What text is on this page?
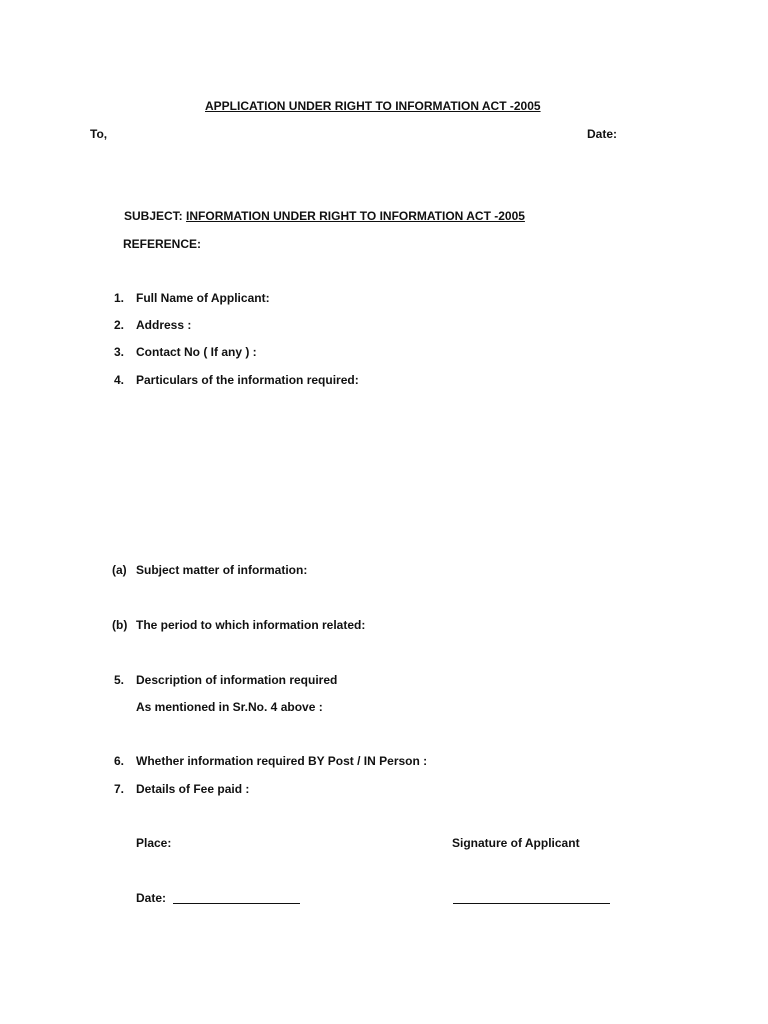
APPLICATION UNDER RIGHT TO INFORMATION ACT -2005
To,	Date:
SUBJECT: INFORMATION UNDER RIGHT TO INFORMATION ACT -2005
REFERENCE:
1. Full Name of Applicant:
2. Address :
3. Contact No ( If any ) :
4. Particulars of the information required:
(a) Subject matter of information:
(b) The period to which information related:
5. Description of information required
As mentioned in Sr.No. 4 above :
6. Whether information required BY Post / IN Person :
7. Details of Fee paid :
Place:	Signature of Applicant
Date:
